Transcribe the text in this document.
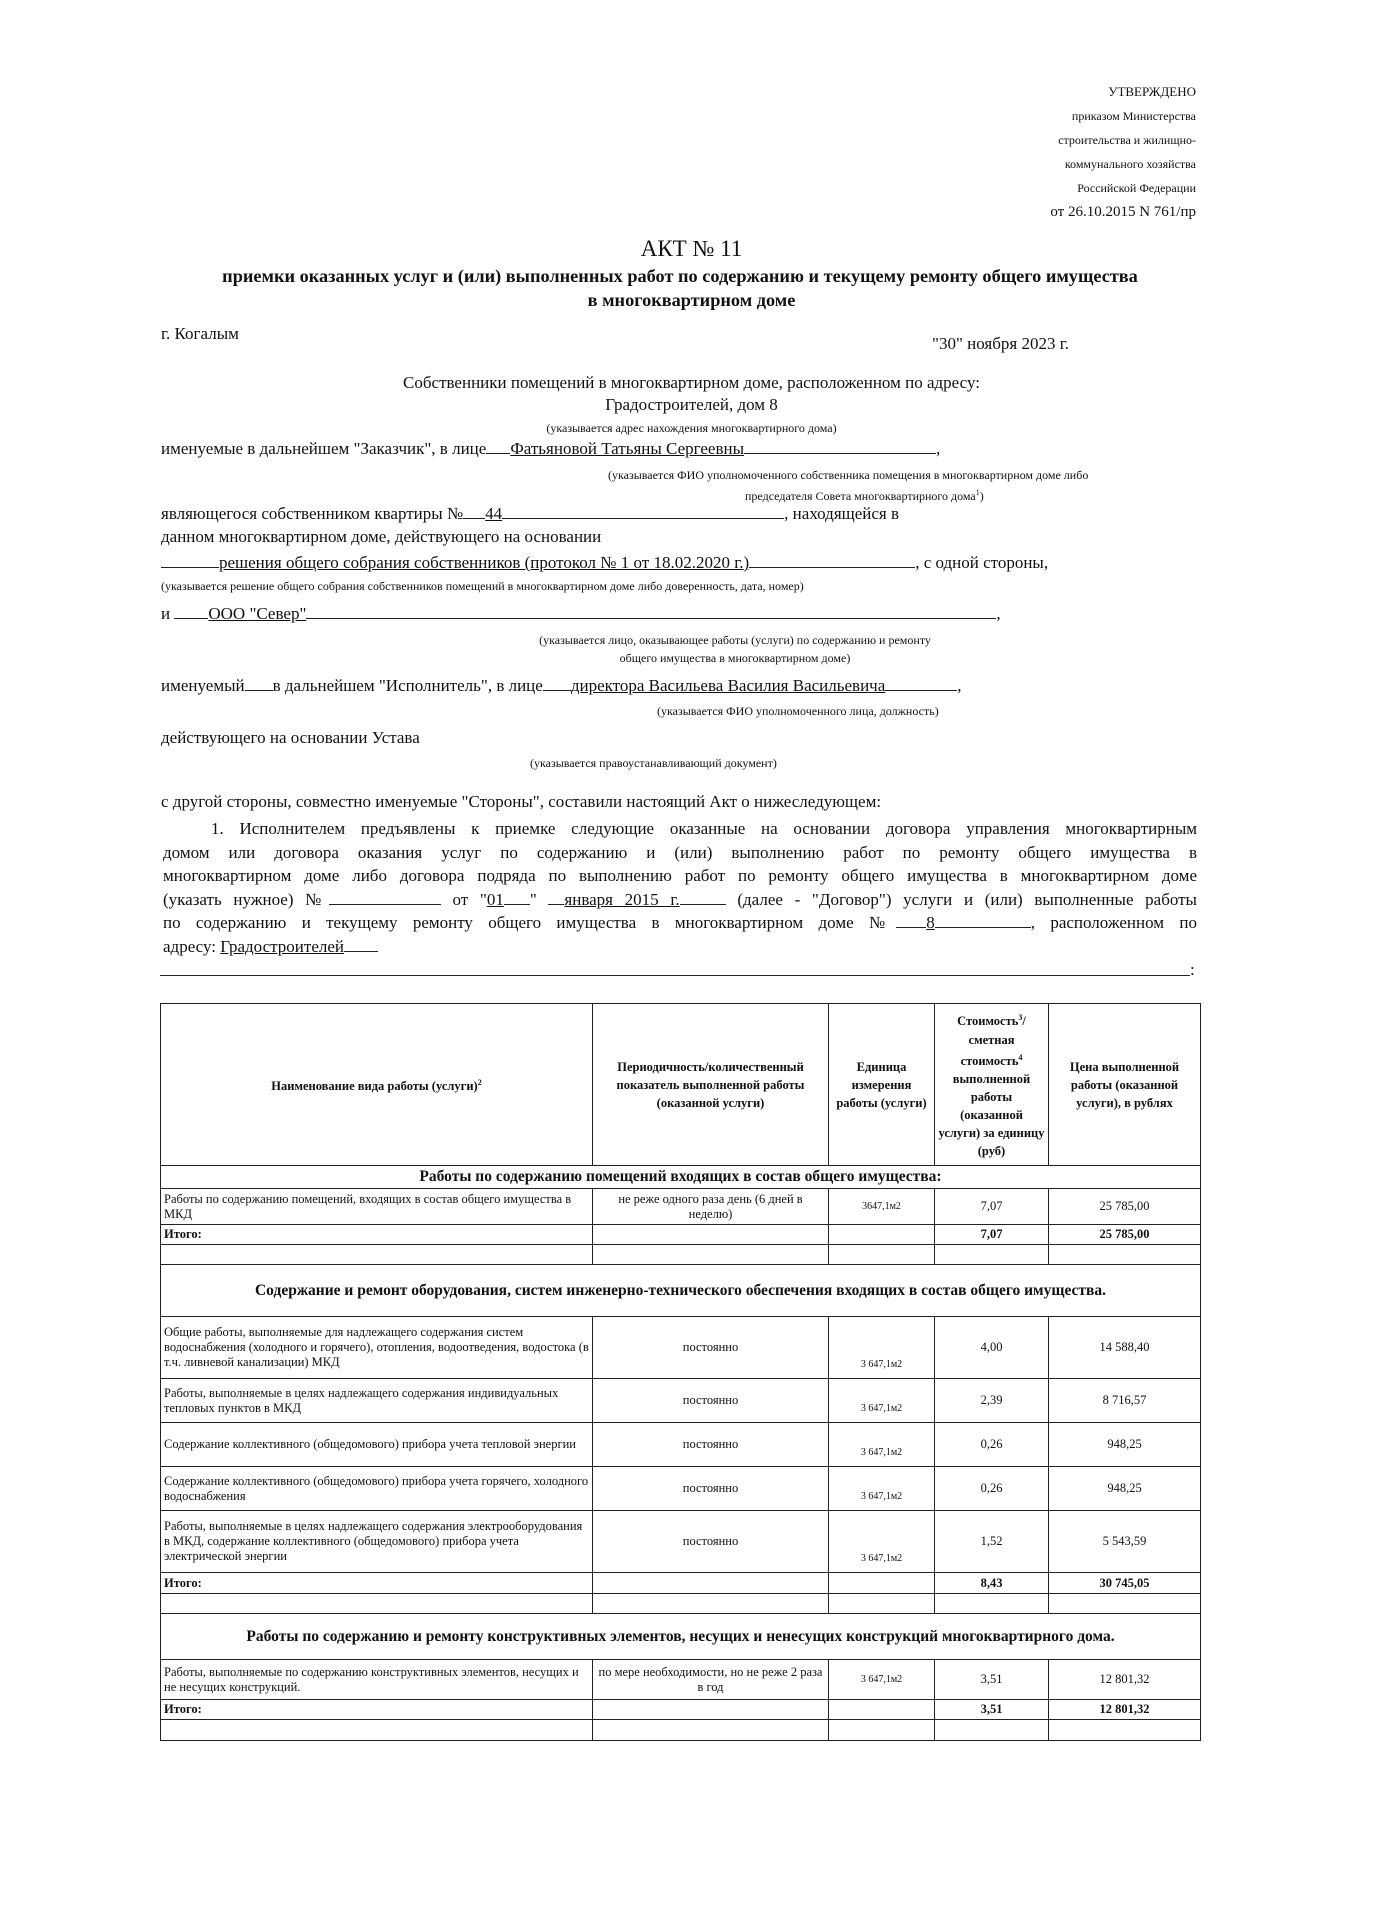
УТВЕРЖДЕНО
приказом Министерства
строительства и жилищно-
коммунального хозяйства
Российской Федерации
от 26.10.2015 N 761/пр
АКТ № 11
приемки оказанных услуг и (или) выполненных работ по содержанию и текущему ремонту общего имущества
в многоквартирном доме
г. Когалым
"30" ноября 2023 г.
Собственники помещений в многоквартирном доме, расположенном по адресу:
Градостроителей, дом 8
(указывается адрес нахождения многоквартирного дома)
именуемые в дальнейшем "Заказчик", в лице Фатьяновой Татьяны Сергеевны	,
(указывается ФИО уполномоченного собственника помещения в многоквартирном доме либо
председателя Совета многоквартирного дома$^1$)
являющегося собственником квартиры № 44	, находящейся в
данном многоквартирном доме, действующего на основании
решения общего собрания собственников (протокол № 1 от 18.02.2020 г.)	, с одной стороны,
(указывается решение общего собрания собственников помещений в многоквартирном доме либо доверенность, дата, номер)
и ООО "Север"	,
(указывается лицо, оказывающее работы (услуги) по содержанию и ремонту
общего имущества в многоквартирном доме)
именуемый в дальнейшем "Исполнитель", в лице директора Васильева Василия Васильевича	,
(указывается ФИО уполномоченного лица, должность)
действующего на основании Устава
(указывается правоустанавливающий документ)
с другой стороны, совместно именуемые "Стороны", составили настоящий Акт о нижеследующем:
1. Исполнителем предъявлены к приемке следующие оказанные на основании договора управления многоквартирным
домом или договора оказания услуг по содержанию и (или) выполнению работ по ремонту общего имущества в
многоквартирном доме либо договора подряда по выполнению работ по ремонту общего имущества в многоквартирном доме
(указать нужное) №	от "01 " января 2015 г.	(далее - "Договор") услуги и (или) выполненные работы
по содержанию и текущему ремонту общего имущества в многоквартирном доме № 8	, расположенном по
адресу: Градостроителей
:
Наименование вида работы (услуги)$^2$	Периодичность/количественный показатель выполненной работы (оказанной услуги)	Единица измерения работы (услуги)	Стоимость$^3$/сметная стоимость$^4$ выполненной работы (оказанной услуги) за единицу (руб)	Цена выполненной работы (оказанной услуги), в рублях
Работы по содержанию помещений входящих в состав общего имущества:				
Работы по содержанию помещений, входящих в состав общего имущества в МКД	не реже одного раза день (6 дней в неделю)	3647,1м2	7,07	25 785,00
Итого:			7,07	25 785,00

Содержание и ремонт оборудования, систем инженерно-технического обеспечения входящих в состав общего имущества.				
Общие работы, выполняемые для надлежащего содержания систем водоснабжения (холодного и горячего), отопления, водоотведения, водостока (в т.ч. ливневой канализации) МКД	постоянно	3 647,1м2	4,00	14 588,40
Работы, выполняемые в целях надлежащего содержания индивидуальных тепловых пунктов в МКД	постоянно	3 647,1м2	2,39	8 716,57
Содержание коллективного (общедомового) прибора учета тепловой энергии	постоянно	3 647,1м2	0,26	948,25
Содержание коллективного (общедомового) прибора учета горячего, холодного водоснабжения	постоянно	3 647,1м2	0,26	948,25
Работы, выполняемые в целях надлежащего содержания электрооборудования в МКД, содержание коллективного (общедомового) прибора учета электрической энергии	постоянно	3 647,1м2	1,52	5 543,59
Итого:			8,43	30 745,05

Работы по содержанию и ремонту конструктивных элементов, несущих и ненесущих конструкций многоквартирного дома.				
Работы, выполняемые по содержанию конструктивных элементов, несущих и не несущих конструкций.	по мере необходимости, но не реже 2 раза в год	3 647,1м2	3,51	12 801,32
Итого:			3,51	12 801,32
